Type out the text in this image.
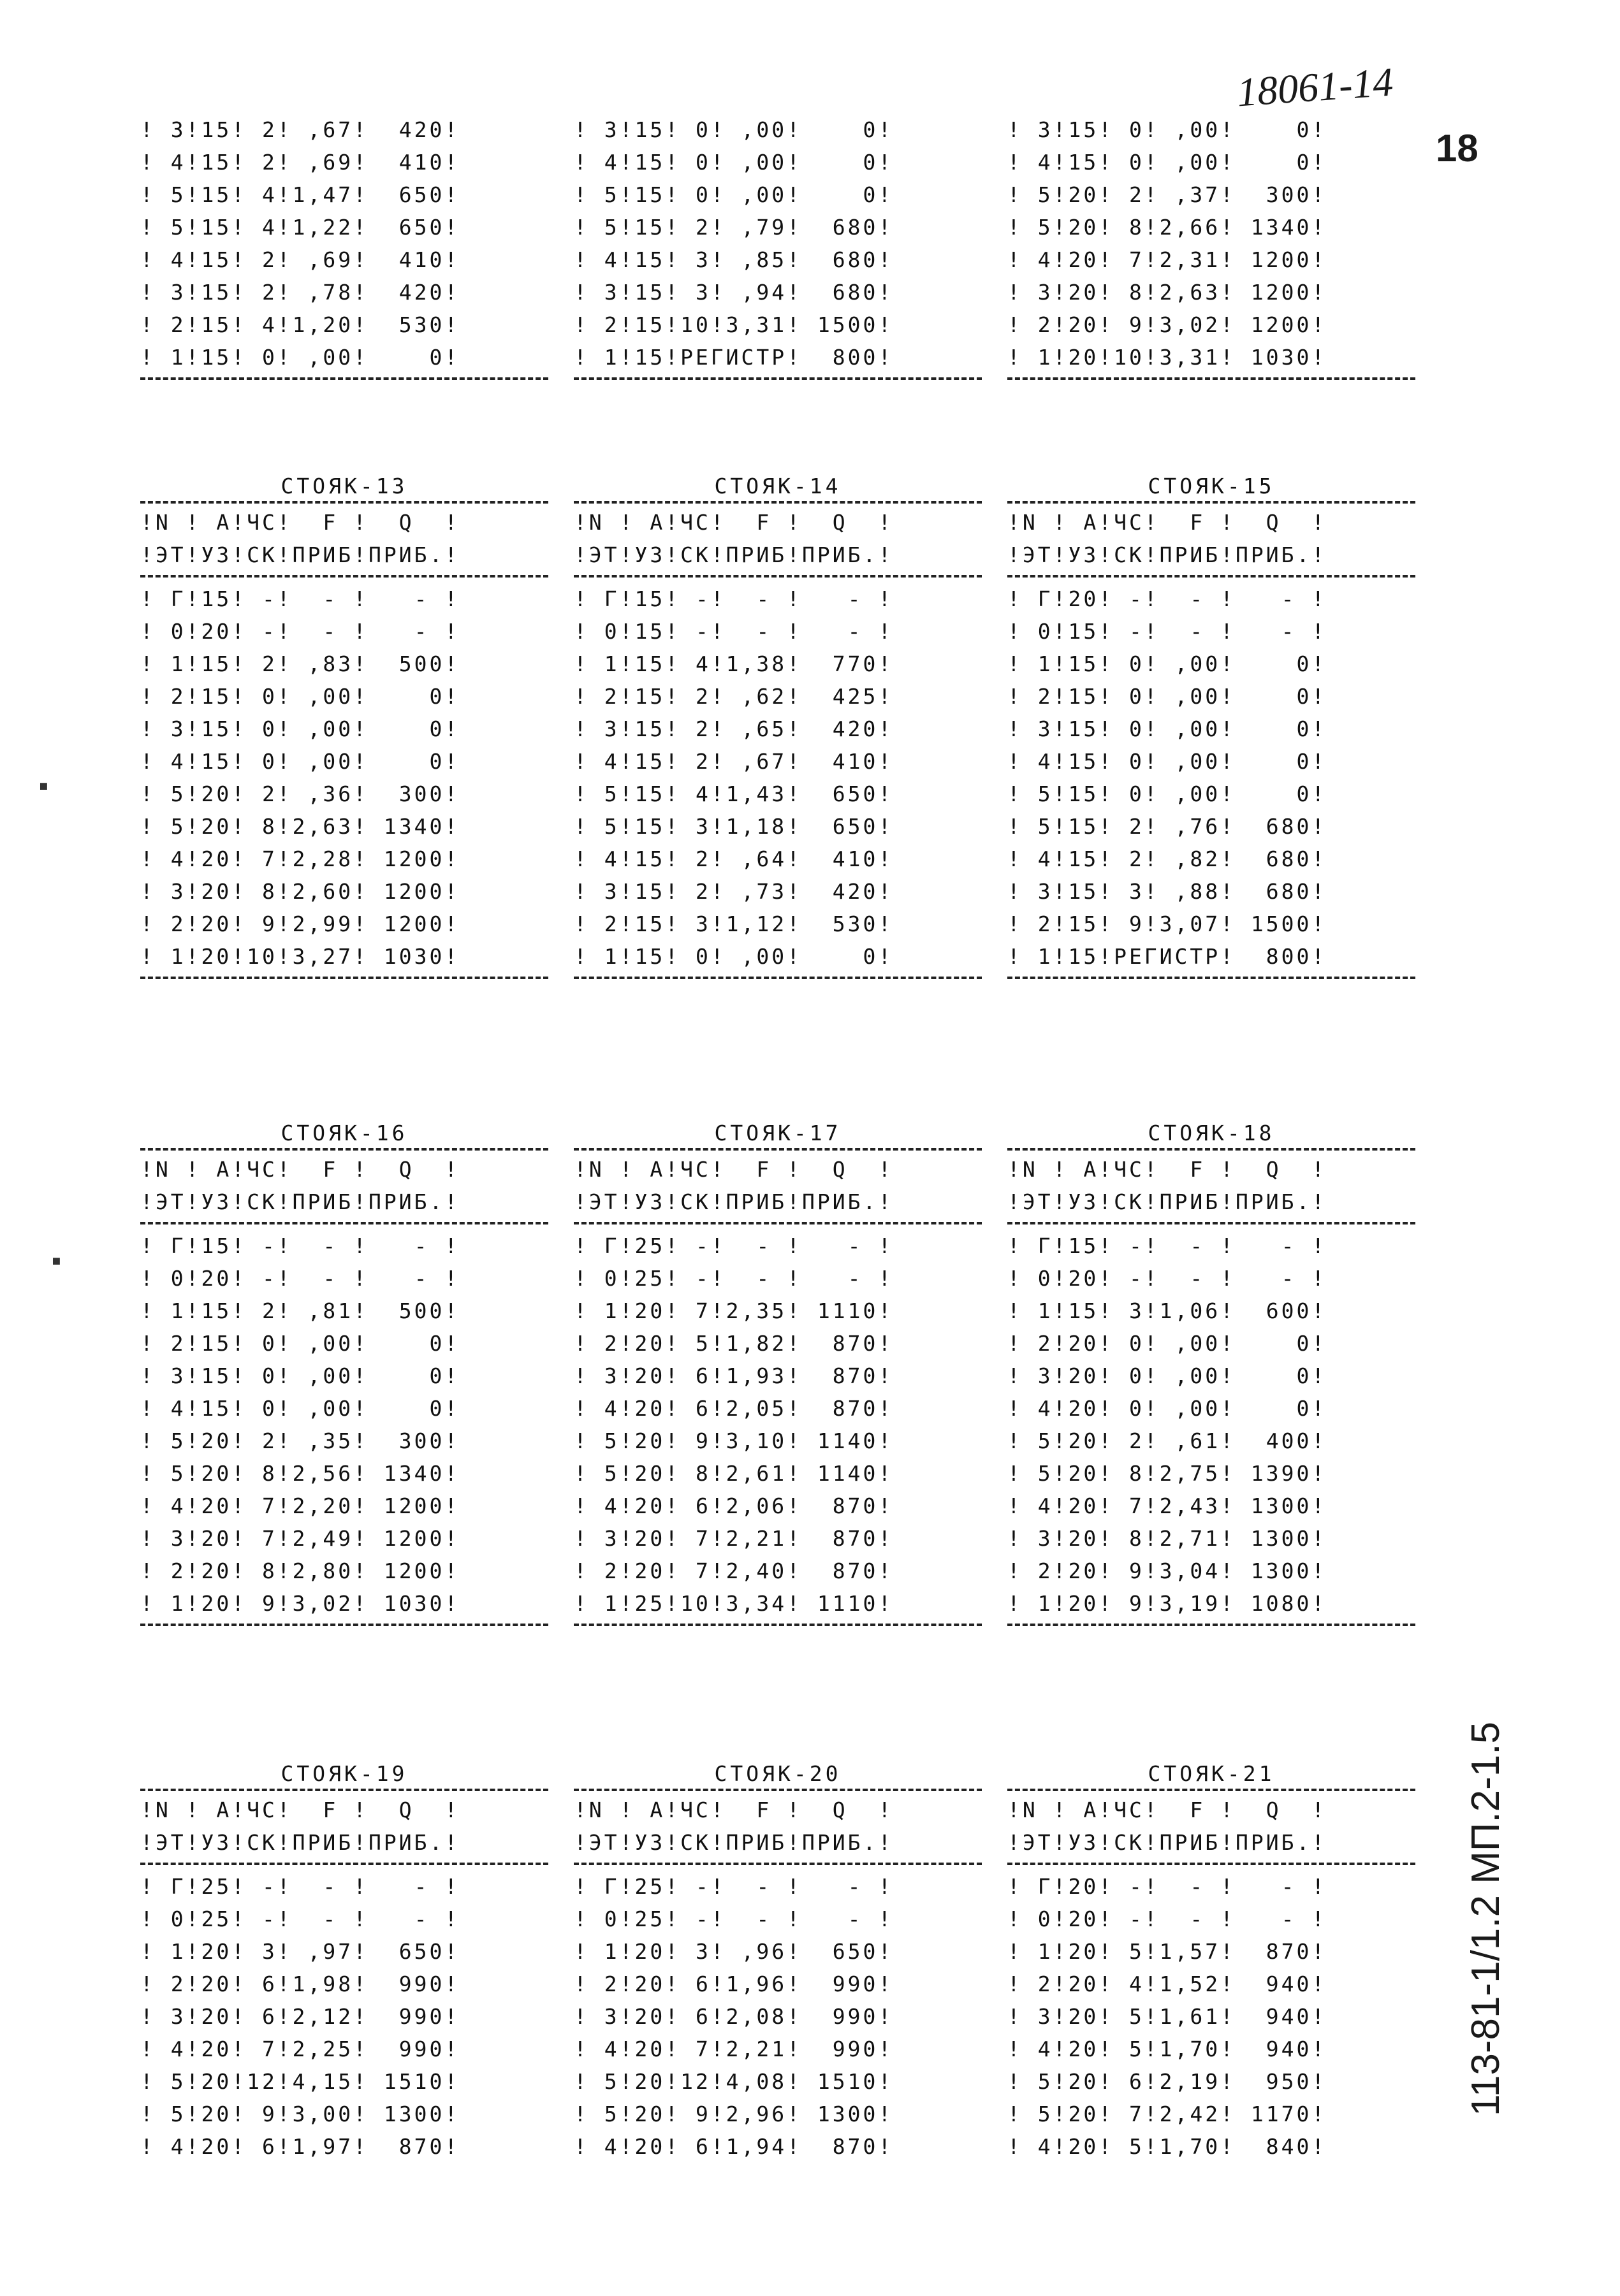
18061-14
18
113-81-1/1.2 МП.2-1.5
▪
▪
! 3!15! 2! ,67!  420!
! 4!15! 2! ,69!  410!
! 5!15! 4!1,47!  650!
! 5!15! 4!1,22!  650!
! 4!15! 2! ,69!  410!
! 3!15! 2! ,78!  420!
! 2!15! 4!1,20!  530!
! 1!15! 0! ,00!    0!
! 3!15! 0! ,00!    0!
! 4!15! 0! ,00!    0!
! 5!15! 0! ,00!    0!
! 5!15! 2! ,79!  680!
! 4!15! 3! ,85!  680!
! 3!15! 3! ,94!  680!
! 2!15!10!3,31! 1500!
! 1!15!РЕГИСТР!  800!
! 3!15! 0! ,00!    0!
! 4!15! 0! ,00!    0!
! 5!20! 2! ,37!  300!
! 5!20! 8!2,66! 1340!
! 4!20! 7!2,31! 1200!
! 3!20! 8!2,63! 1200!
! 2!20! 9!3,02! 1200!
! 1!20!10!3,31! 1030!
СТОЯК-13
!N ! А!ЧС!  F !  Q  !
!ЭТ!УЗ!СК!ПРИБ!ПРИБ.!
! Г!15! -!  - !   - !
! 0!20! -!  - !   - !
! 1!15! 2! ,83!  500!
! 2!15! 0! ,00!    0!
! 3!15! 0! ,00!    0!
! 4!15! 0! ,00!    0!
! 5!20! 2! ,36!  300!
! 5!20! 8!2,63! 1340!
! 4!20! 7!2,28! 1200!
! 3!20! 8!2,60! 1200!
! 2!20! 9!2,99! 1200!
! 1!20!10!3,27! 1030!
СТОЯК-14
!N ! А!ЧС!  F !  Q  !
!ЭТ!УЗ!СК!ПРИБ!ПРИБ.!
! Г!15! -!  - !   - !
! 0!15! -!  - !   - !
! 1!15! 4!1,38!  770!
! 2!15! 2! ,62!  425!
! 3!15! 2! ,65!  420!
! 4!15! 2! ,67!  410!
! 5!15! 4!1,43!  650!
! 5!15! 3!1,18!  650!
! 4!15! 2! ,64!  410!
! 3!15! 2! ,73!  420!
! 2!15! 3!1,12!  530!
! 1!15! 0! ,00!    0!
СТОЯК-15
!N ! А!ЧС!  F !  Q  !
!ЭТ!УЗ!СК!ПРИБ!ПРИБ.!
! Г!20! -!  - !   - !
! 0!15! -!  - !   - !
! 1!15! 0! ,00!    0!
! 2!15! 0! ,00!    0!
! 3!15! 0! ,00!    0!
! 4!15! 0! ,00!    0!
! 5!15! 0! ,00!    0!
! 5!15! 2! ,76!  680!
! 4!15! 2! ,82!  680!
! 3!15! 3! ,88!  680!
! 2!15! 9!3,07! 1500!
! 1!15!РЕГИСТР!  800!
СТОЯК-16
!N ! А!ЧС!  F !  Q  !
!ЭТ!УЗ!СК!ПРИБ!ПРИБ.!
! Г!15! -!  - !   - !
! 0!20! -!  - !   - !
! 1!15! 2! ,81!  500!
! 2!15! 0! ,00!    0!
! 3!15! 0! ,00!    0!
! 4!15! 0! ,00!    0!
! 5!20! 2! ,35!  300!
! 5!20! 8!2,56! 1340!
! 4!20! 7!2,20! 1200!
! 3!20! 7!2,49! 1200!
! 2!20! 8!2,80! 1200!
! 1!20! 9!3,02! 1030!
СТОЯК-17
!N ! А!ЧС!  F !  Q  !
!ЭТ!УЗ!СК!ПРИБ!ПРИБ.!
! Г!25! -!  - !   - !
! 0!25! -!  - !   - !
! 1!20! 7!2,35! 1110!
! 2!20! 5!1,82!  870!
! 3!20! 6!1,93!  870!
! 4!20! 6!2,05!  870!
! 5!20! 9!3,10! 1140!
! 5!20! 8!2,61! 1140!
! 4!20! 6!2,06!  870!
! 3!20! 7!2,21!  870!
! 2!20! 7!2,40!  870!
! 1!25!10!3,34! 1110!
СТОЯК-18
!N ! А!ЧС!  F !  Q  !
!ЭТ!УЗ!СК!ПРИБ!ПРИБ.!
! Г!15! -!  - !   - !
! 0!20! -!  - !   - !
! 1!15! 3!1,06!  600!
! 2!20! 0! ,00!    0!
! 3!20! 0! ,00!    0!
! 4!20! 0! ,00!    0!
! 5!20! 2! ,61!  400!
! 5!20! 8!2,75! 1390!
! 4!20! 7!2,43! 1300!
! 3!20! 8!2,71! 1300!
! 2!20! 9!3,04! 1300!
! 1!20! 9!3,19! 1080!
СТОЯК-19
!N ! А!ЧС!  F !  Q  !
!ЭТ!УЗ!СК!ПРИБ!ПРИБ.!
! Г!25! -!  - !   - !
! 0!25! -!  - !   - !
! 1!20! 3! ,97!  650!
! 2!20! 6!1,98!  990!
! 3!20! 6!2,12!  990!
! 4!20! 7!2,25!  990!
! 5!20!12!4,15! 1510!
! 5!20! 9!3,00! 1300!
! 4!20! 6!1,97!  870!
СТОЯК-20
!N ! А!ЧС!  F !  Q  !
!ЭТ!УЗ!СК!ПРИБ!ПРИБ.!
! Г!25! -!  - !   - !
! 0!25! -!  - !   - !
! 1!20! 3! ,96!  650!
! 2!20! 6!1,96!  990!
! 3!20! 6!2,08!  990!
! 4!20! 7!2,21!  990!
! 5!20!12!4,08! 1510!
! 5!20! 9!2,96! 1300!
! 4!20! 6!1,94!  870!
СТОЯК-21
!N ! А!ЧС!  F !  Q  !
!ЭТ!УЗ!СК!ПРИБ!ПРИБ.!
! Г!20! -!  - !   - !
! 0!20! -!  - !   - !
! 1!20! 5!1,57!  870!
! 2!20! 4!1,52!  940!
! 3!20! 5!1,61!  940!
! 4!20! 5!1,70!  940!
! 5!20! 6!2,19!  950!
! 5!20! 7!2,42! 1170!
! 4!20! 5!1,70!  840!
